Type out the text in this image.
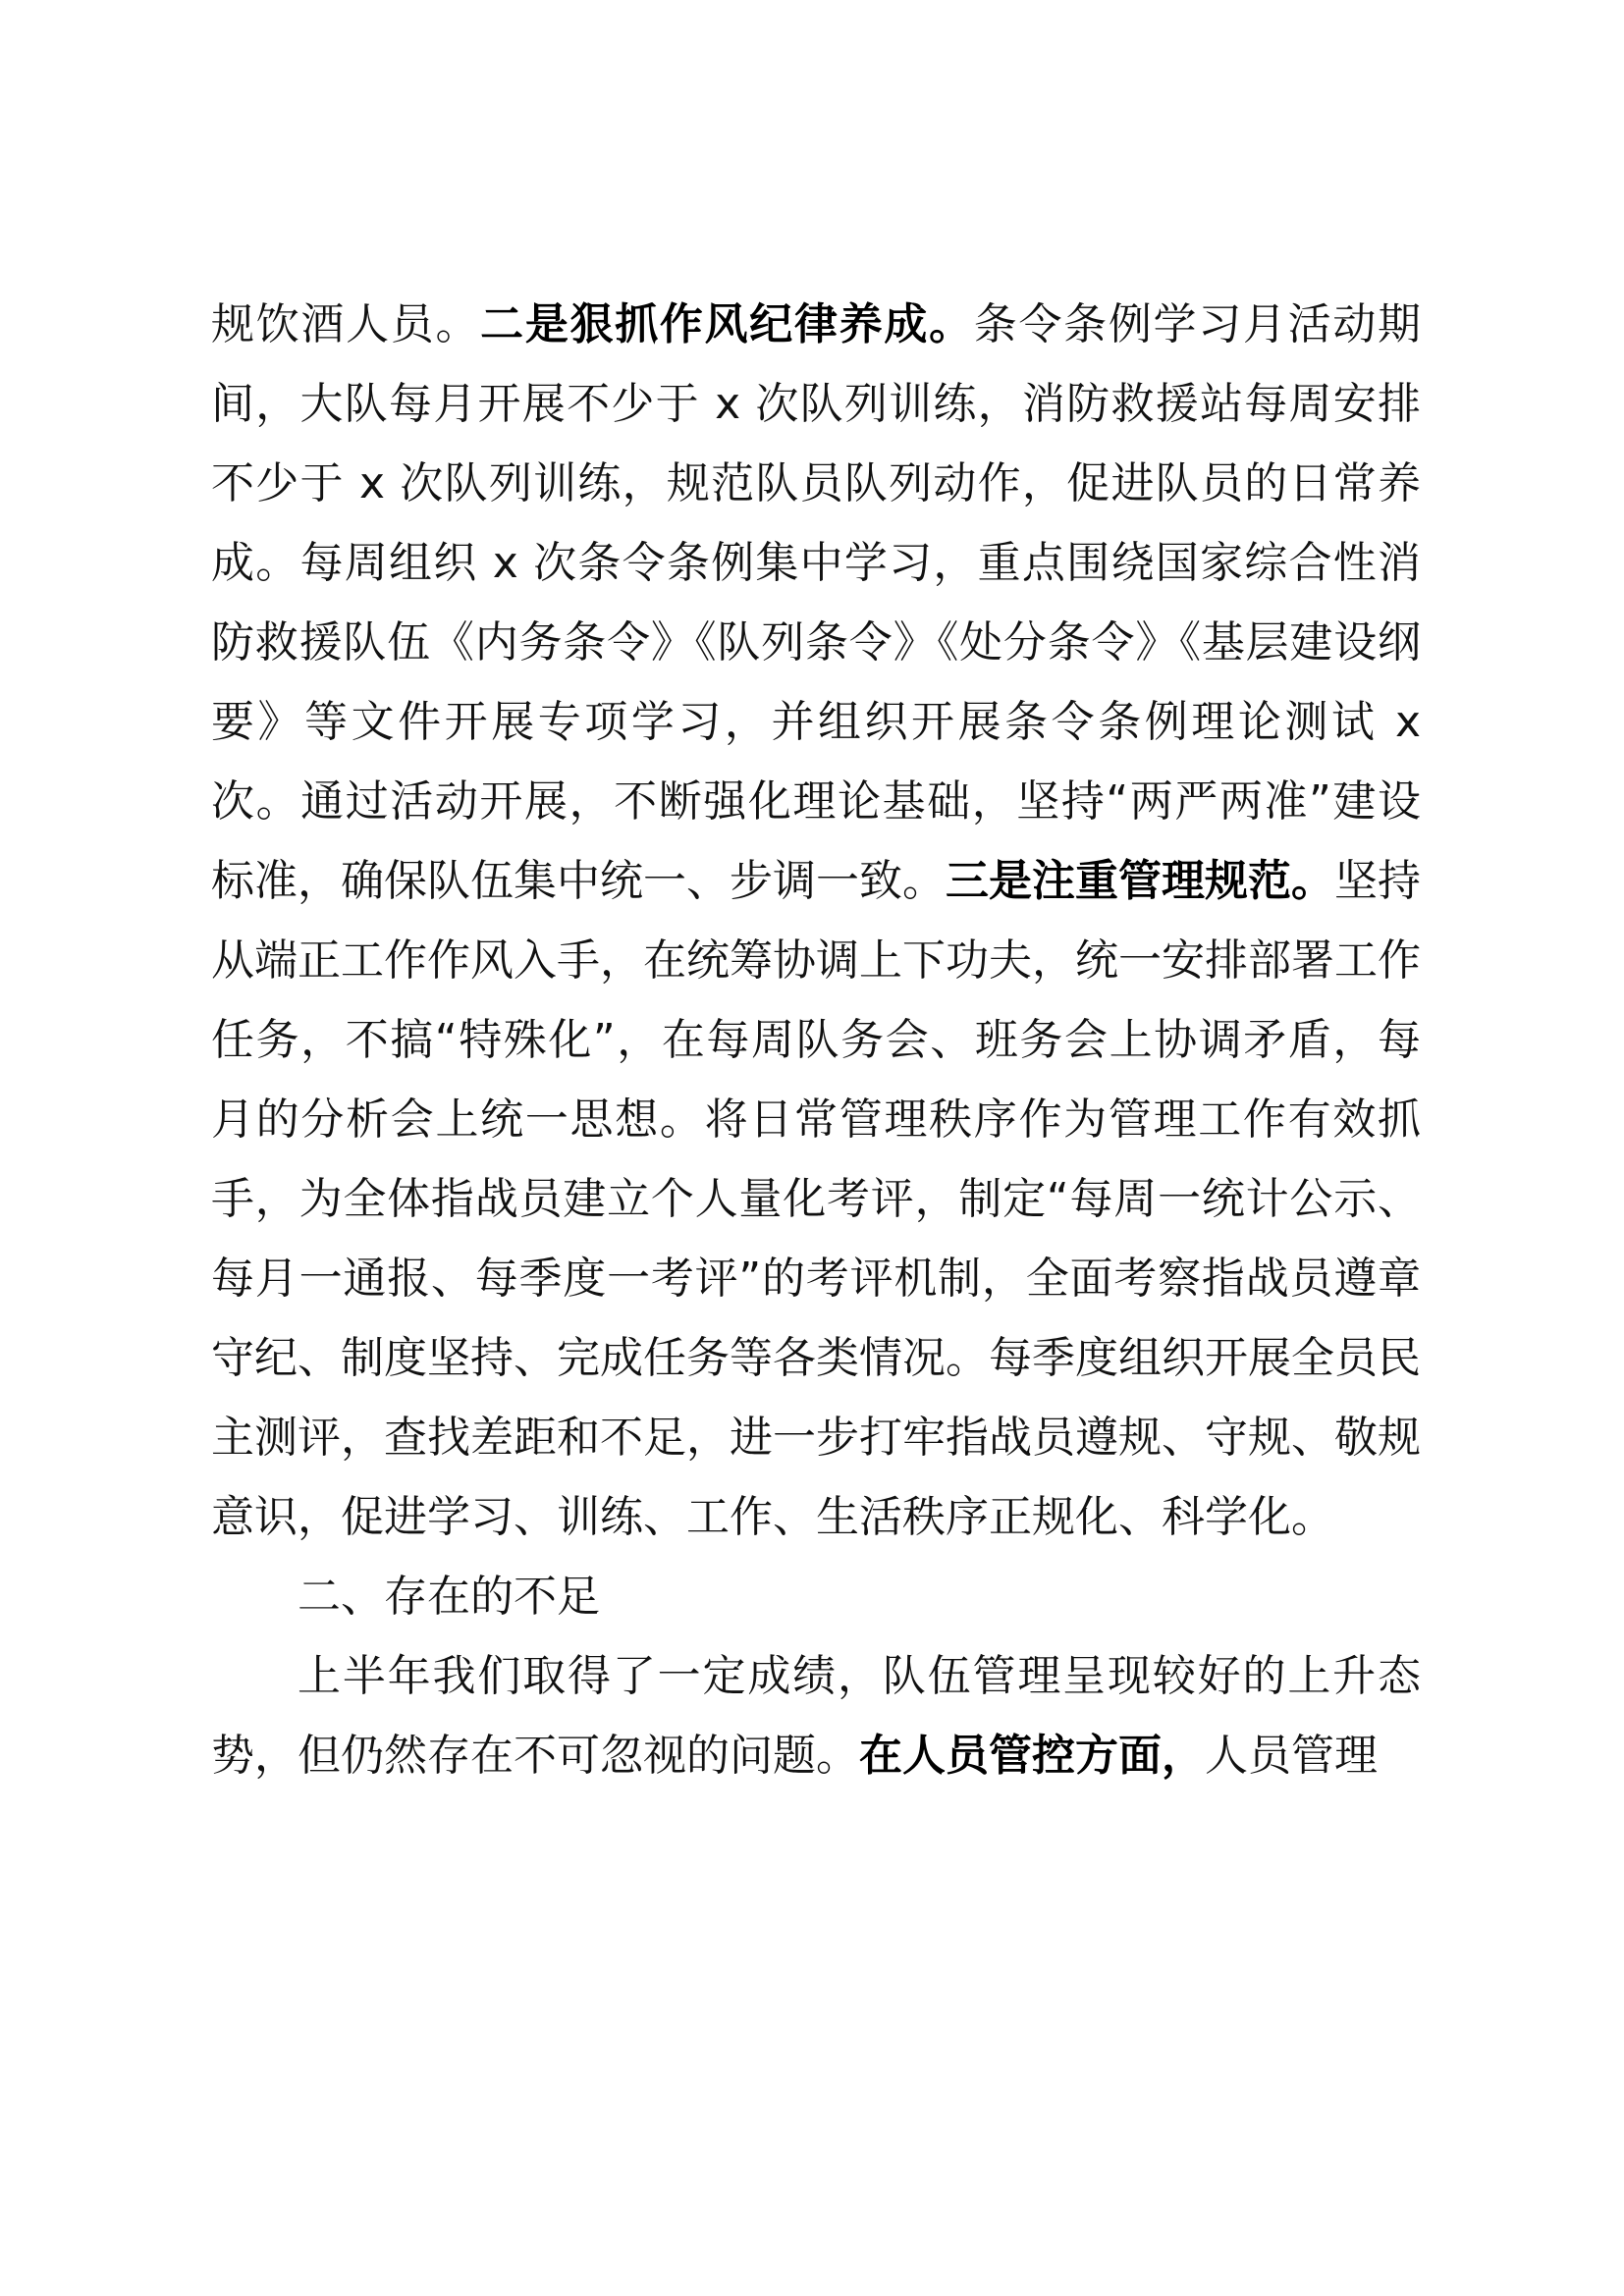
规饮酒人员。二是狠抓作风纪律养成。条令条例学习月活动期间，大队每月开展不少于 x 次队列训练，消防救援站每周安排不少于 x 次队列训练，规范队员队列动作，促进队员的日常养成。每周组织 x 次条令条例集中学习，重点围绕国家综合性消防救援队伍《内务条令》《队列条令》《处分条令》《基层建设纲要》等文件开展专项学习，并组织开展条令条例理论测试 x 次。通过活动开展，不断强化理论基础，坚持“两严两准”建设标准，确保队伍集中统一、步调一致。三是注重管理规范。坚持从端正工作作风入手，在统筹协调上下功夫，统一安排部署工作任务，不搞“特殊化”，在每周队务会、班务会上协调矛盾，每月的分析会上统一思想。将日常管理秩序作为管理工作有效抓手，为全体指战员建立个人量化考评，制定“每周一统计公示、每月一通报、每季度一考评”的考评机制，全面考察指战员遵章守纪、制度坚持、完成任务等各类情况。每季度组织开展全员民主测评，查找差距和不足，进一步打牢指战员遵规、守规、敬规意识，促进学习、训练、工作、生活秩序正规化、科学化。

二、存在的不足

上半年我们取得了一定成绩，队伍管理呈现较好的上升态势，但仍然存在不可忽视的问题。在人员管控方面，人员管理
